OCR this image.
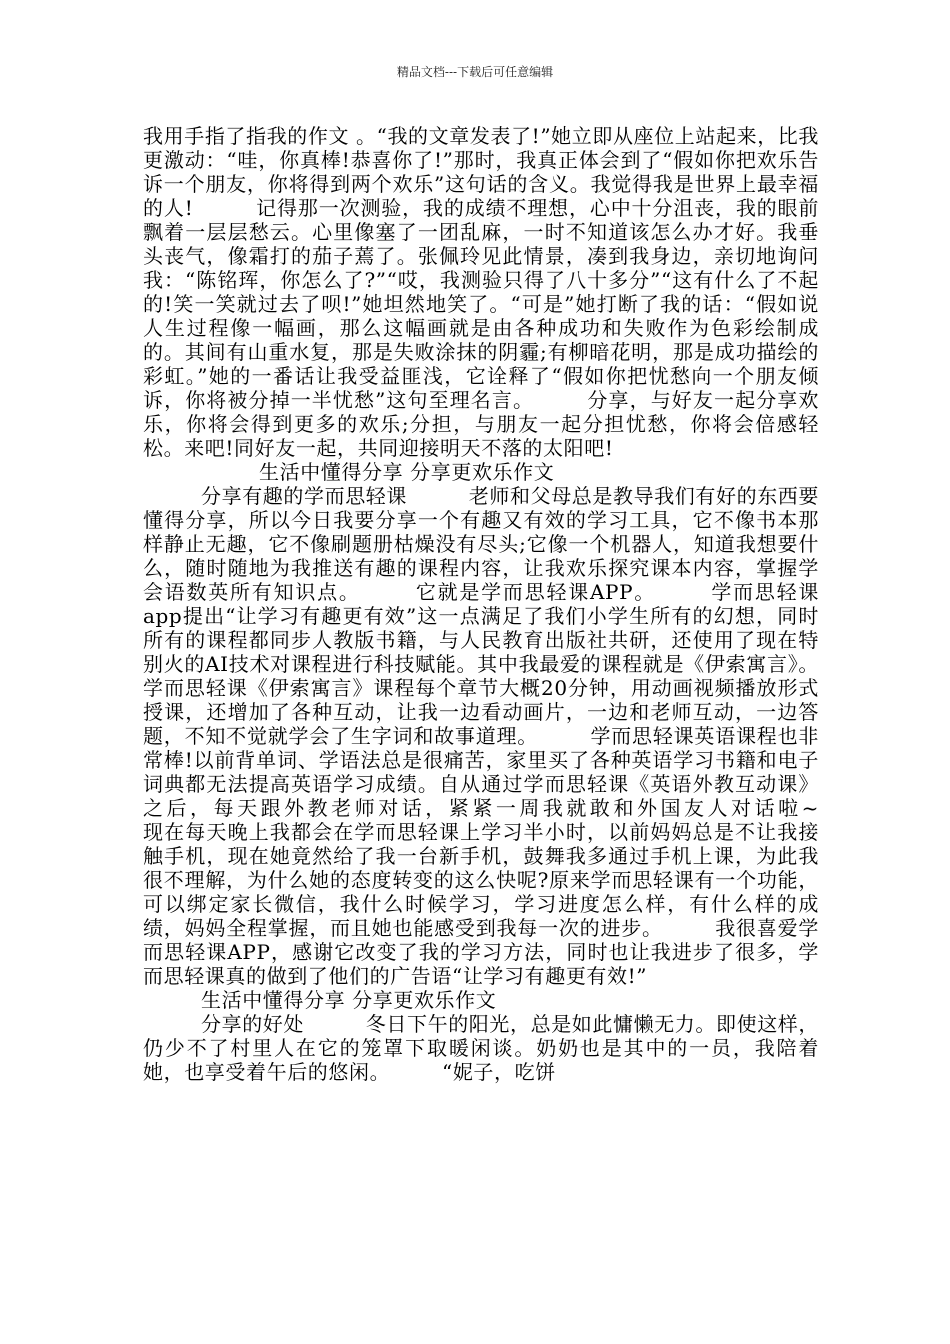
精品文档---下载后可任意编辑

我用手指了指我的作文 。“我的文章发表了!”她立即从座位上站起来，比我更激动：“哇，你真棒!恭喜你了!”那时，我真正体会到了“假如你把欢乐告诉一个朋友，你将得到两个欢乐”这句话的含义。我觉得我是世界上最幸福的人!　　　记得那一次测验，我的成绩不理想，心中十分沮丧，我的眼前飘着一层层愁云。心里像塞了一团乱麻，一时不知道该怎么办才好。我垂头丧气，像霜打的茄子蔫了。张佩玲见此情景，凑到我身边，亲切地询问我：“陈铭珲，你怎么了?”“哎，我测验只得了八十多分”“这有什么了不起的!笑一笑就过去了呗!”她坦然地笑了。“可是”她打断了我的话：“假如说人生过程像一幅画，那么这幅画就是由各种成功和失败作为色彩绘制成的。其间有山重水复，那是失败涂抹的阴霾;有柳暗花明，那是成功描绘的彩虹。”她的一番话让我受益匪浅，它诠释了“假如你把忧愁向一个朋友倾诉，你将被分掉一半忧愁”这句至理名言。　　　分享，与好友一起分享欢乐，你将会得到更多的欢乐;分担，与朋友一起分担忧愁，你将会倍感轻松。来吧!同好友一起，共同迎接明天不落的太阳吧!

生活中懂得分享 分享更欢乐作文

分享有趣的学而思轻课　　　老师和父母总是教导我们有好的东西要懂得分享，所以今日我要分享一个有趣又有效的学习工具，它不像书本那样静止无趣，它不像刷题册枯燥没有尽头;它像一个机器人，知道我想要什么，随时随地为我推送有趣的课程内容，让我欢乐探究课本内容，掌握学会语数英所有知识点。　　　它就是学而思轻课APP。　　　学而思轻课app提出“让学习有趣更有效”这一点满足了我们小学生所有的幻想，同时所有的课程都同步人教版书籍，与人民教育出版社共研，还使用了现在特别火的AI技术对课程进行科技赋能。其中我最爱的课程就是《伊索寓言》。学而思轻课《伊索寓言》课程每个章节大概20分钟，用动画视频播放形式授课，还增加了各种互动，让我一边看动画片，一边和老师互动，一边答题，不知不觉就学会了生字词和故事道理。　　　学而思轻课英语课程也非常棒!以前背单词、学语法总是很痛苦，家里买了各种英语学习书籍和电子词典都无法提高英语学习成绩。自从通过学而思轻课《英语外教互动课》之后，每天跟外教老师对话，紧紧一周我就敢和外国友人对话啦~　　　现在每天晚上我都会在学而思轻课上学习半小时，以前妈妈总是不让我接触手机，现在她竟然给了我一台新手机，鼓舞我多通过手机上课，为此我很不理解，为什么她的态度转变的这么快呢?原来学而思轻课有一个功能，可以绑定家长微信，我什么时候学习，学习进度怎么样，有什么样的成绩，妈妈全程掌握，而且她也能感受到我每一次的进步。　　　我很喜爱学而思轻课APP，感谢它改变了我的学习方法，同时也让我进步了很多，学而思轻课真的做到了他们的广告语“让学习有趣更有效!”

生活中懂得分享 分享更欢乐作文

分享的好处　　　冬日下午的阳光，总是如此慵懒无力。即使这样，仍少不了村里人在它的笼罩下取暖闲谈。奶奶也是其中的一员，我陪着她，也享受着午后的悠闲。　　　“妮子，吃饼
